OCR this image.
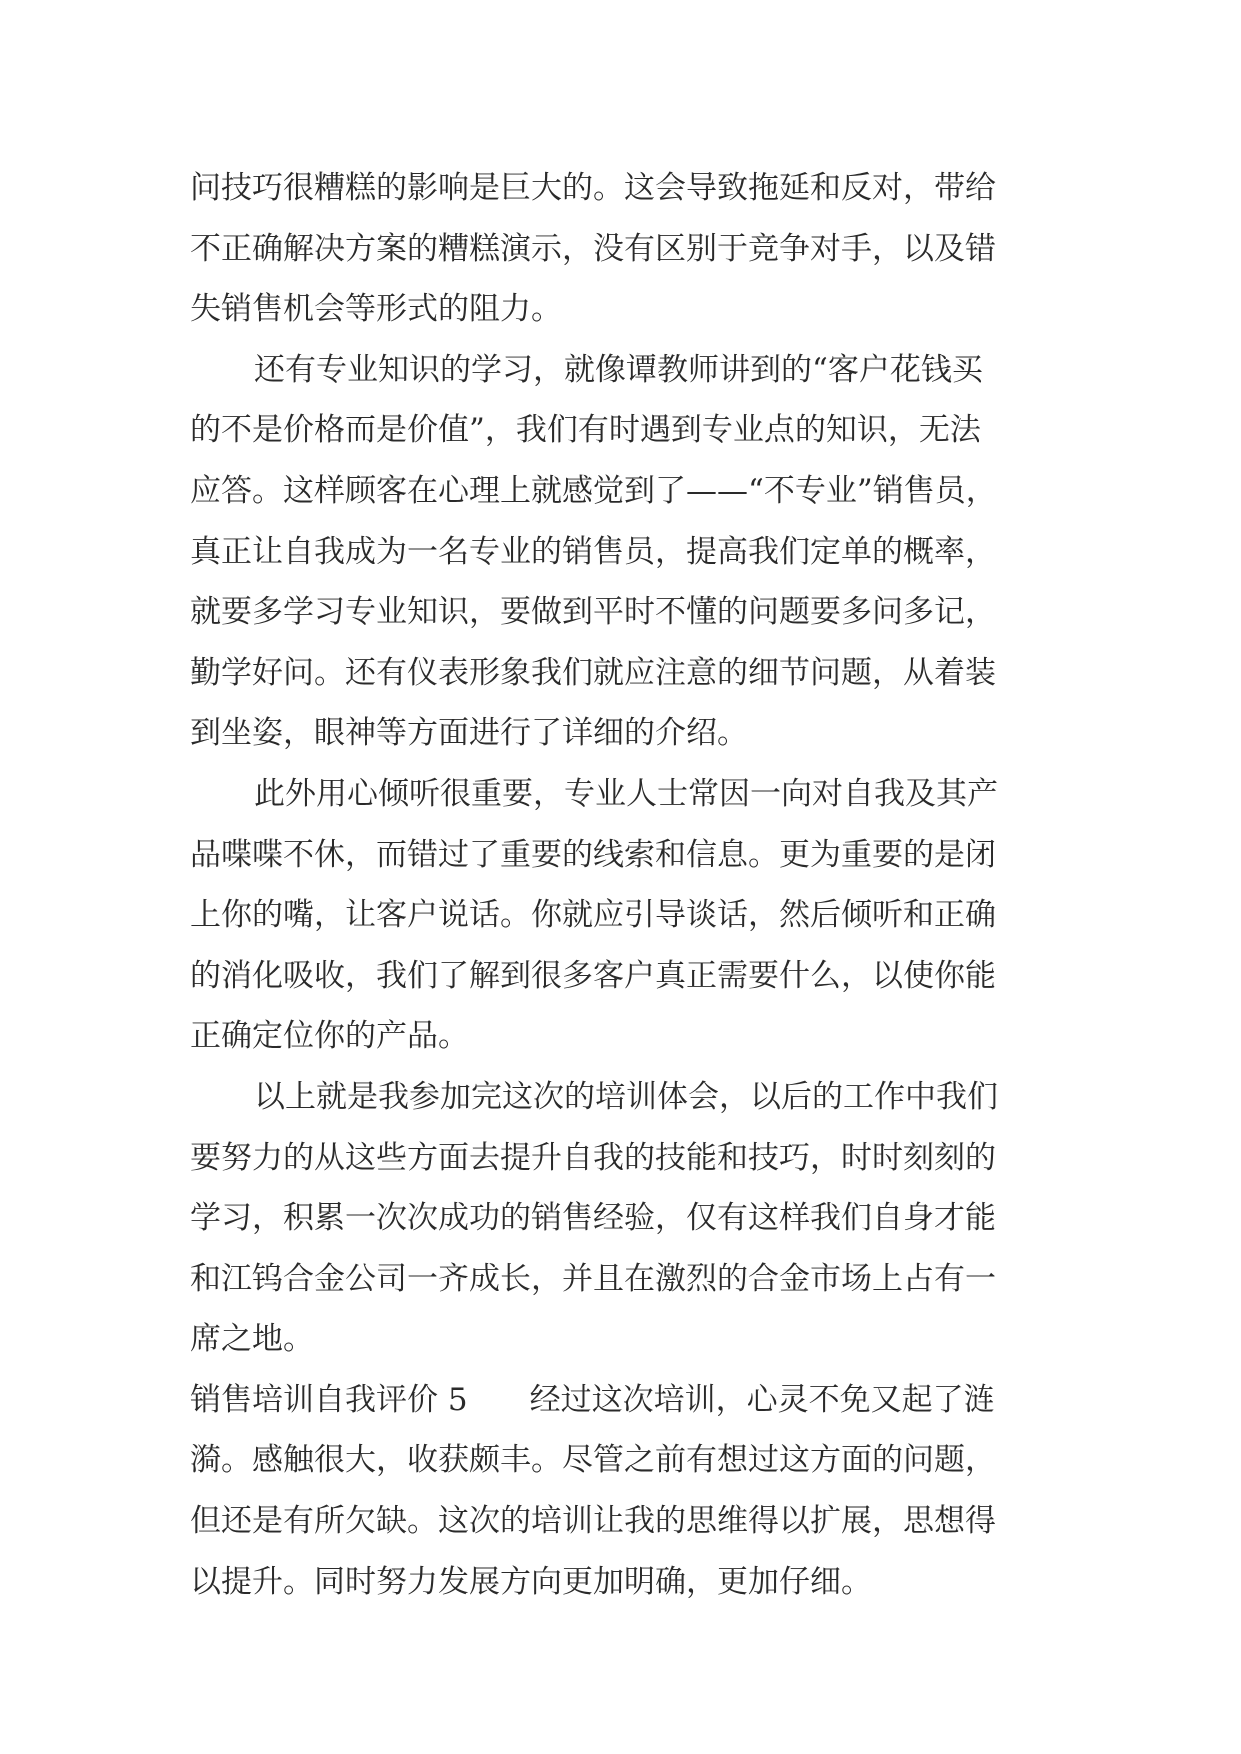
问技巧很糟糕的影响是巨大的。这会导致拖延和反对，带给
不正确解决方案的糟糕演示，没有区别于竞争对手，以及错
失销售机会等形式的阻力。
还有专业知识的学习，就像谭教师讲到的“客户花钱买
的不是价格而是价值”，我们有时遇到专业点的知识，无法
应答。这样顾客在心理上就感觉到了——“不专业”销售员，
真正让自我成为一名专业的销售员，提高我们定单的概率，
就要多学习专业知识，要做到平时不懂的问题要多问多记，
勤学好问。还有仪表形象我们就应注意的细节问题，从着装
到坐姿，眼神等方面进行了详细的介绍。
此外用心倾听很重要，专业人士常因一向对自我及其产
品喋喋不休，而错过了重要的线索和信息。更为重要的是闭
上你的嘴，让客户说话。你就应引导谈话，然后倾听和正确
的消化吸收，我们了解到很多客户真正需要什么，以使你能
正确定位你的产品。
以上就是我参加完这次的培训体会，以后的工作中我们
要努力的从这些方面去提升自我的技能和技巧，时时刻刻的
学习，积累一次次成功的销售经验，仅有这样我们自身才能
和江钨合金公司一齐成长，并且在激烈的合金市场上占有一
席之地。
销售培训自我评价 5 经过这次培训，心灵不免又起了涟
漪。感触很大，收获颇丰。尽管之前有想过这方面的问题，
但还是有所欠缺。这次的培训让我的思维得以扩展，思想得
以提升。同时努力发展方向更加明确，更加仔细。
